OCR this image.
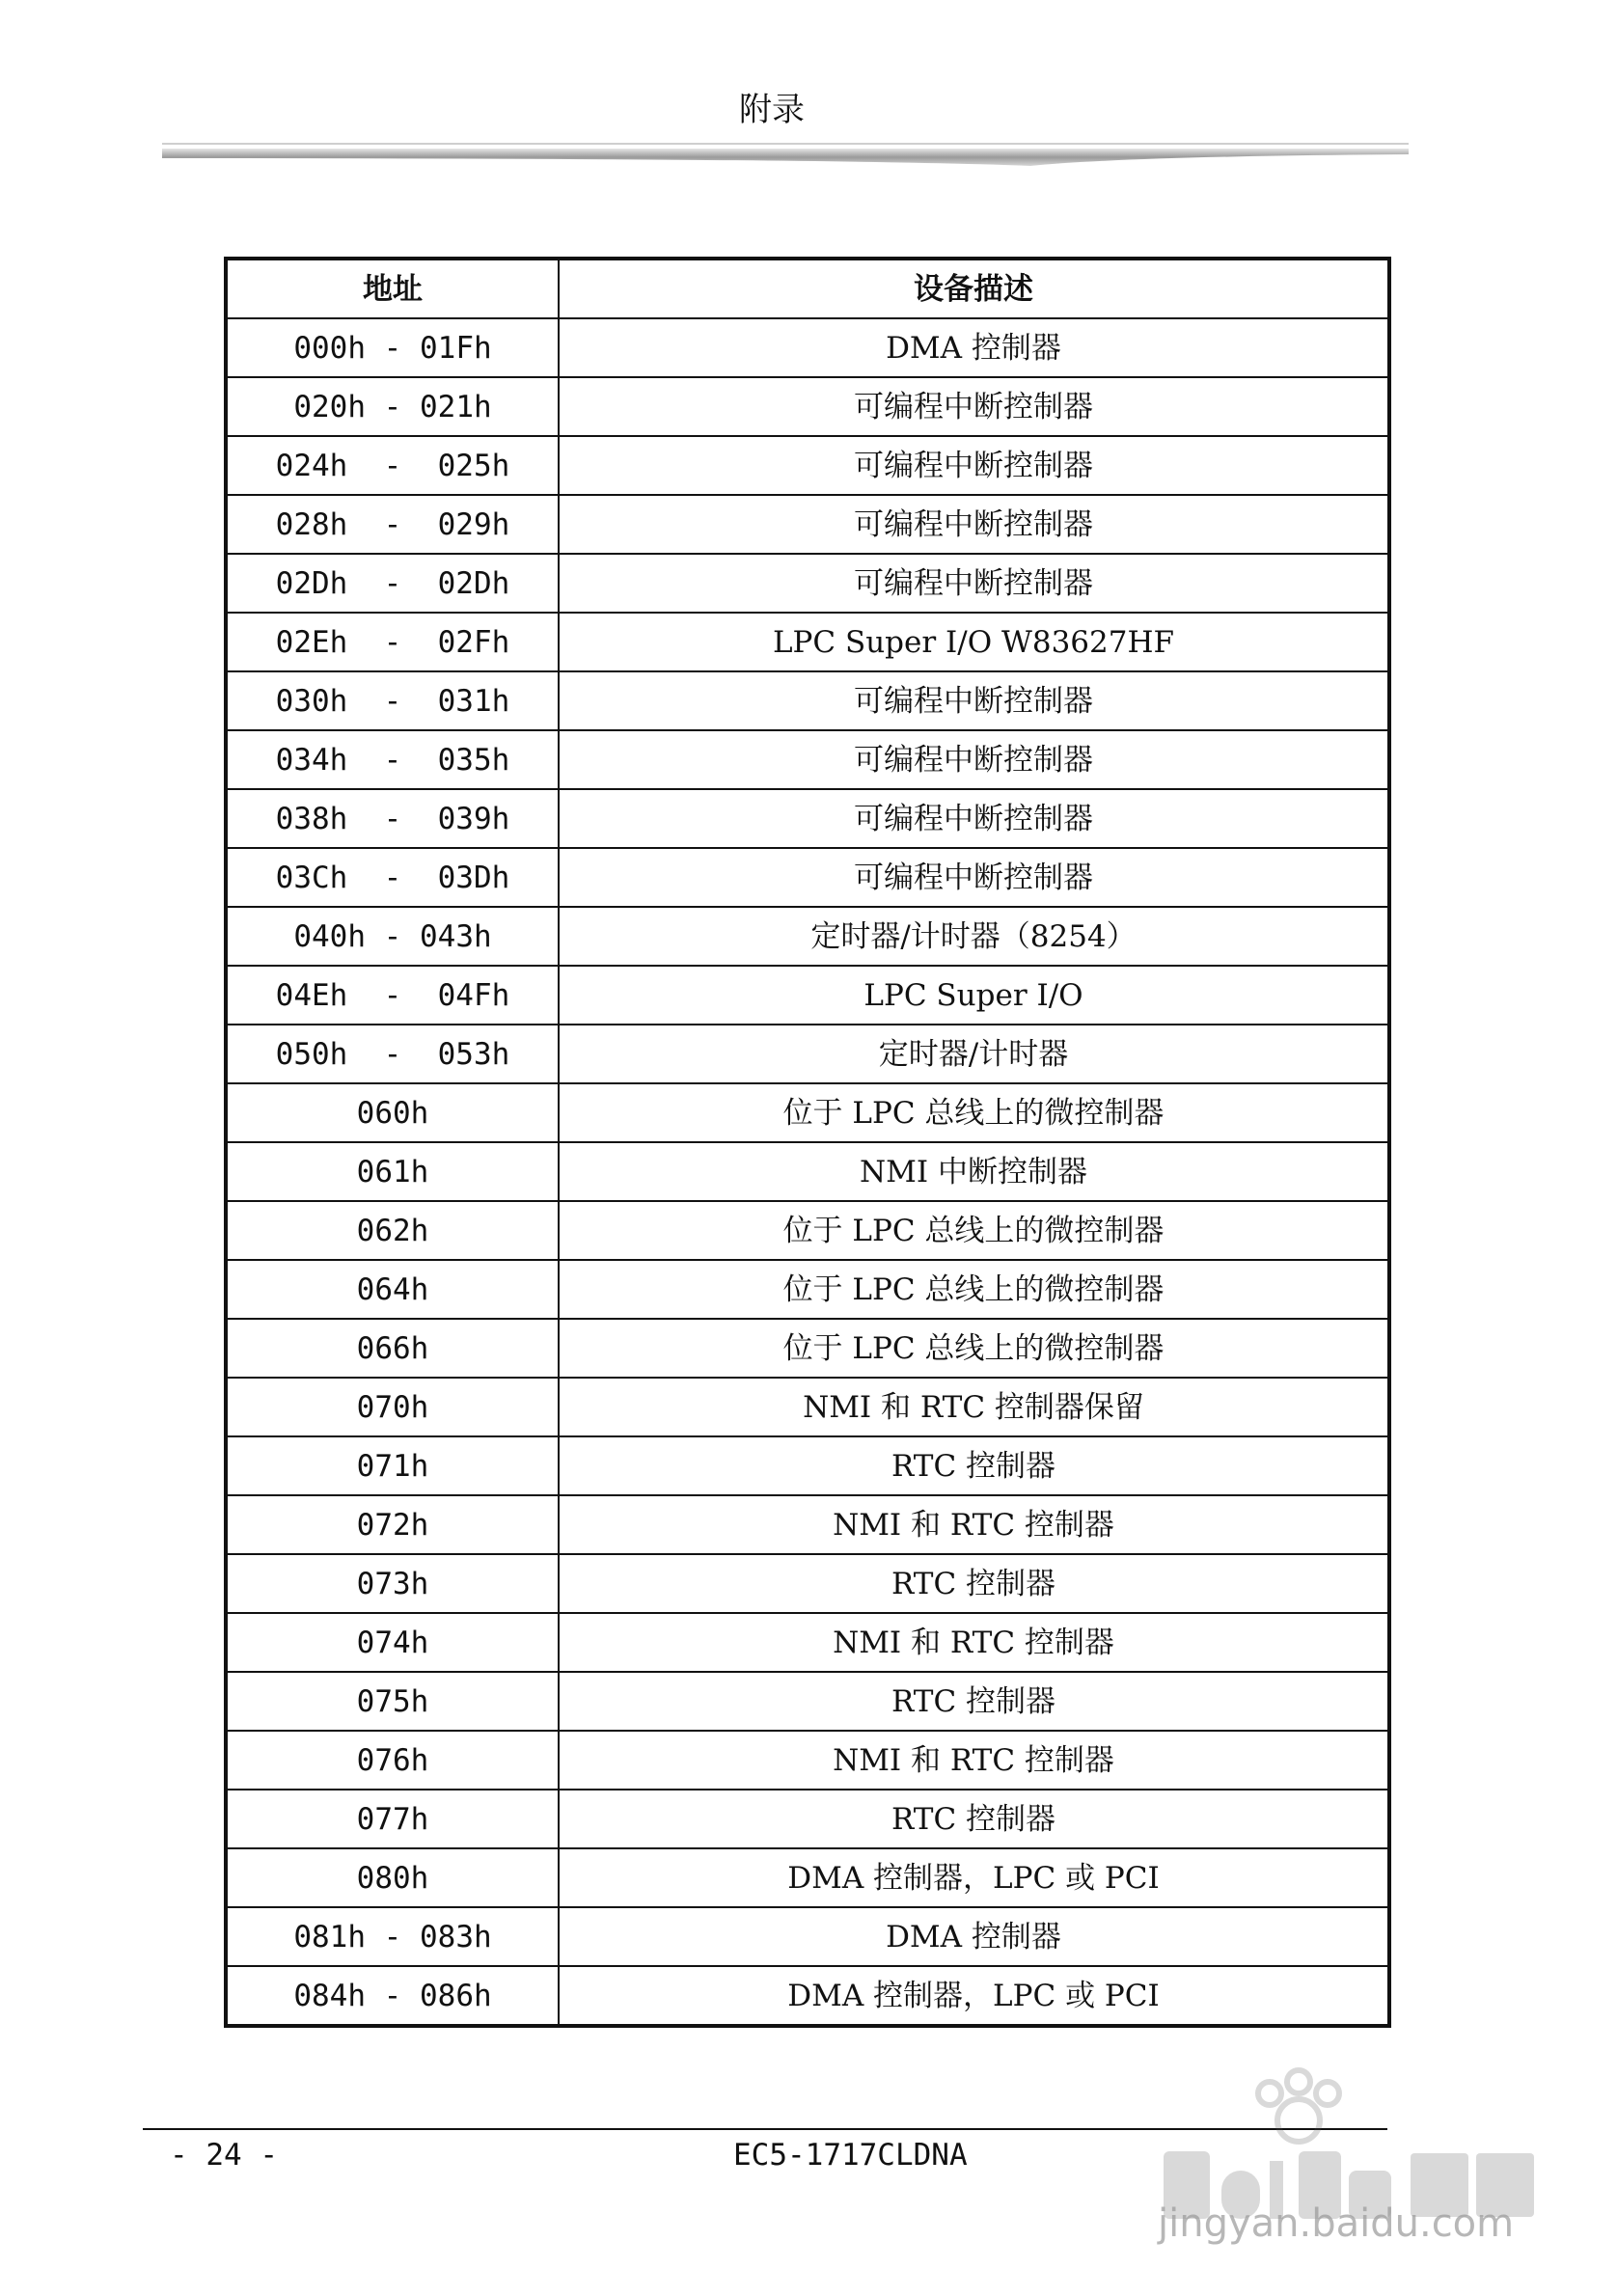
附录
地址	设备描述
000h - 01Fh	DMA 控制器
020h - 021h	可编程中断控制器
024h  -  025h	可编程中断控制器
028h  -  029h	可编程中断控制器
02Dh  -  02Dh	可编程中断控制器
02Eh  -  02Fh	LPC Super I/O W83627HF
030h  -  031h	可编程中断控制器
034h  -  035h	可编程中断控制器
038h  -  039h	可编程中断控制器
03Ch  -  03Dh	可编程中断控制器
040h - 043h	定时器/计时器（8254）
04Eh  -  04Fh	LPC Super I/O
050h  -  053h	定时器/计时器
060h	位于 LPC 总线上的微控制器
061h	NMI 中断控制器
062h	位于 LPC 总线上的微控制器
064h	位于 LPC 总线上的微控制器
066h	位于 LPC 总线上的微控制器
070h	NMI 和 RTC 控制器保留
071h	RTC 控制器
072h	NMI 和 RTC 控制器
073h	RTC 控制器
074h	NMI 和 RTC 控制器
075h	RTC 控制器
076h	NMI 和 RTC 控制器
077h	RTC 控制器
080h	DMA 控制器，LPC 或 PCI
081h - 083h	DMA 控制器
084h - 086h	DMA 控制器，LPC 或 PCI
- 24 -	EC5-1717CLDNA
jingyan.baidu.com
